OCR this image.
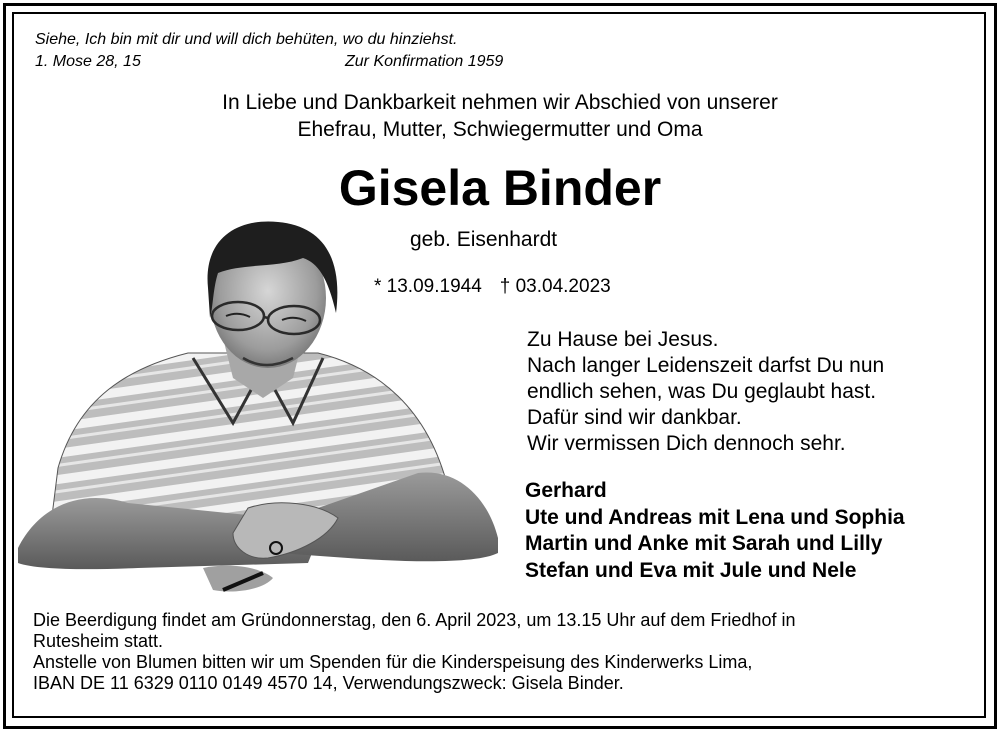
Siehe, Ich bin mit dir und will dich behüten, wo du hinziehst.
1. Mose 28, 15	Zur Konfirmation 1959
In Liebe und Dankbarkeit nehmen wir Abschied von unserer
Ehefrau, Mutter, Schwiegermutter und Oma
Gisela Binder
geb. Eisenhardt
* 13.09.1944 † 03.04.2023
Zu Hause bei Jesus.
Nach langer Leidenszeit darfst Du nun
endlich sehen, was Du geglaubt hast.
Dafür sind wir dankbar.
Wir vermissen Dich dennoch sehr.
Gerhard
Ute und Andreas mit Lena und Sophia
Martin und Anke mit Sarah und Lilly
Stefan und Eva mit Jule und Nele
Die Beerdigung findet am Gründonnerstag, den 6. April 2023, um 13.15 Uhr auf dem Friedhof in
Rutesheim statt.
Anstelle von Blumen bitten wir um Spenden für die Kinderspeisung des Kinderwerks Lima,
IBAN DE 11 6329 0110 0149 4570 14, Verwendungszweck: Gisela Binder.
